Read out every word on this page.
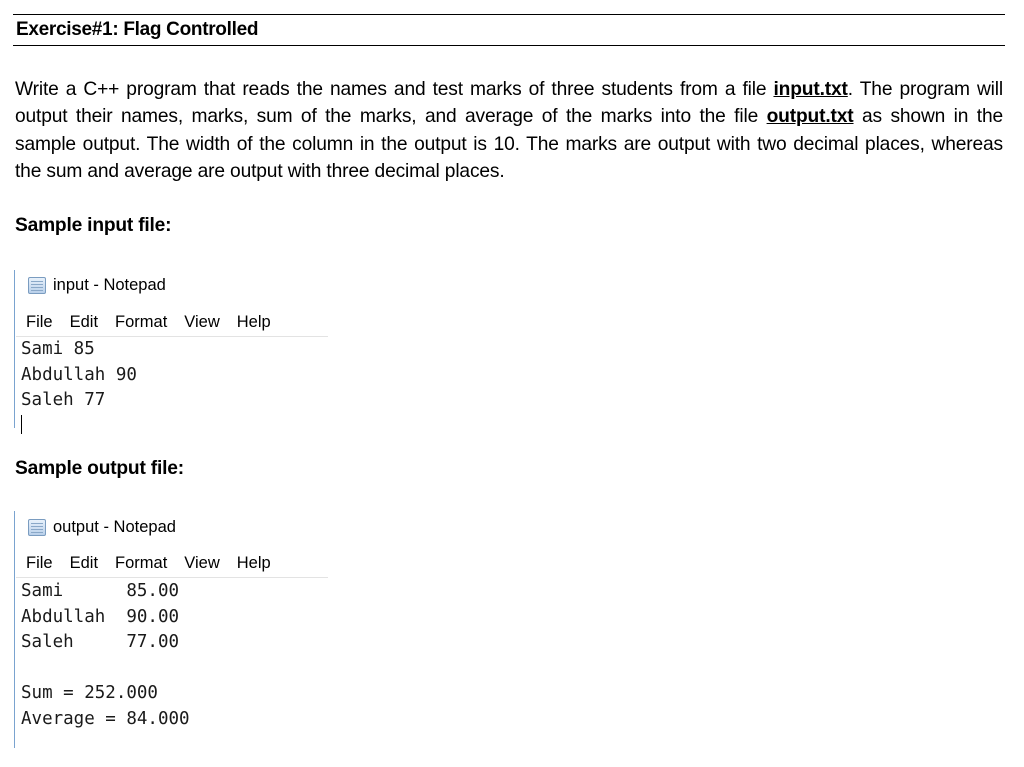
Exercise#1: Flag Controlled
Write a C++ program that reads the names and test marks of three students from a file input.txt. The program will output their names, marks, sum of the marks, and average of the marks into the file output.txt as shown in the sample output. The width of the column in the output is 10. The marks are output with two decimal places, whereas the sum and average are output with three decimal places.
Sample input file:
input - Notepad
File Edit Format View Help
Sami 85
Abdullah 90
Saleh 77
Sample output file:
output - Notepad
File Edit Format View Help
Sami      85.00
Abdullah  90.00
Saleh     77.00
Sum = 252.000
Average = 84.000
